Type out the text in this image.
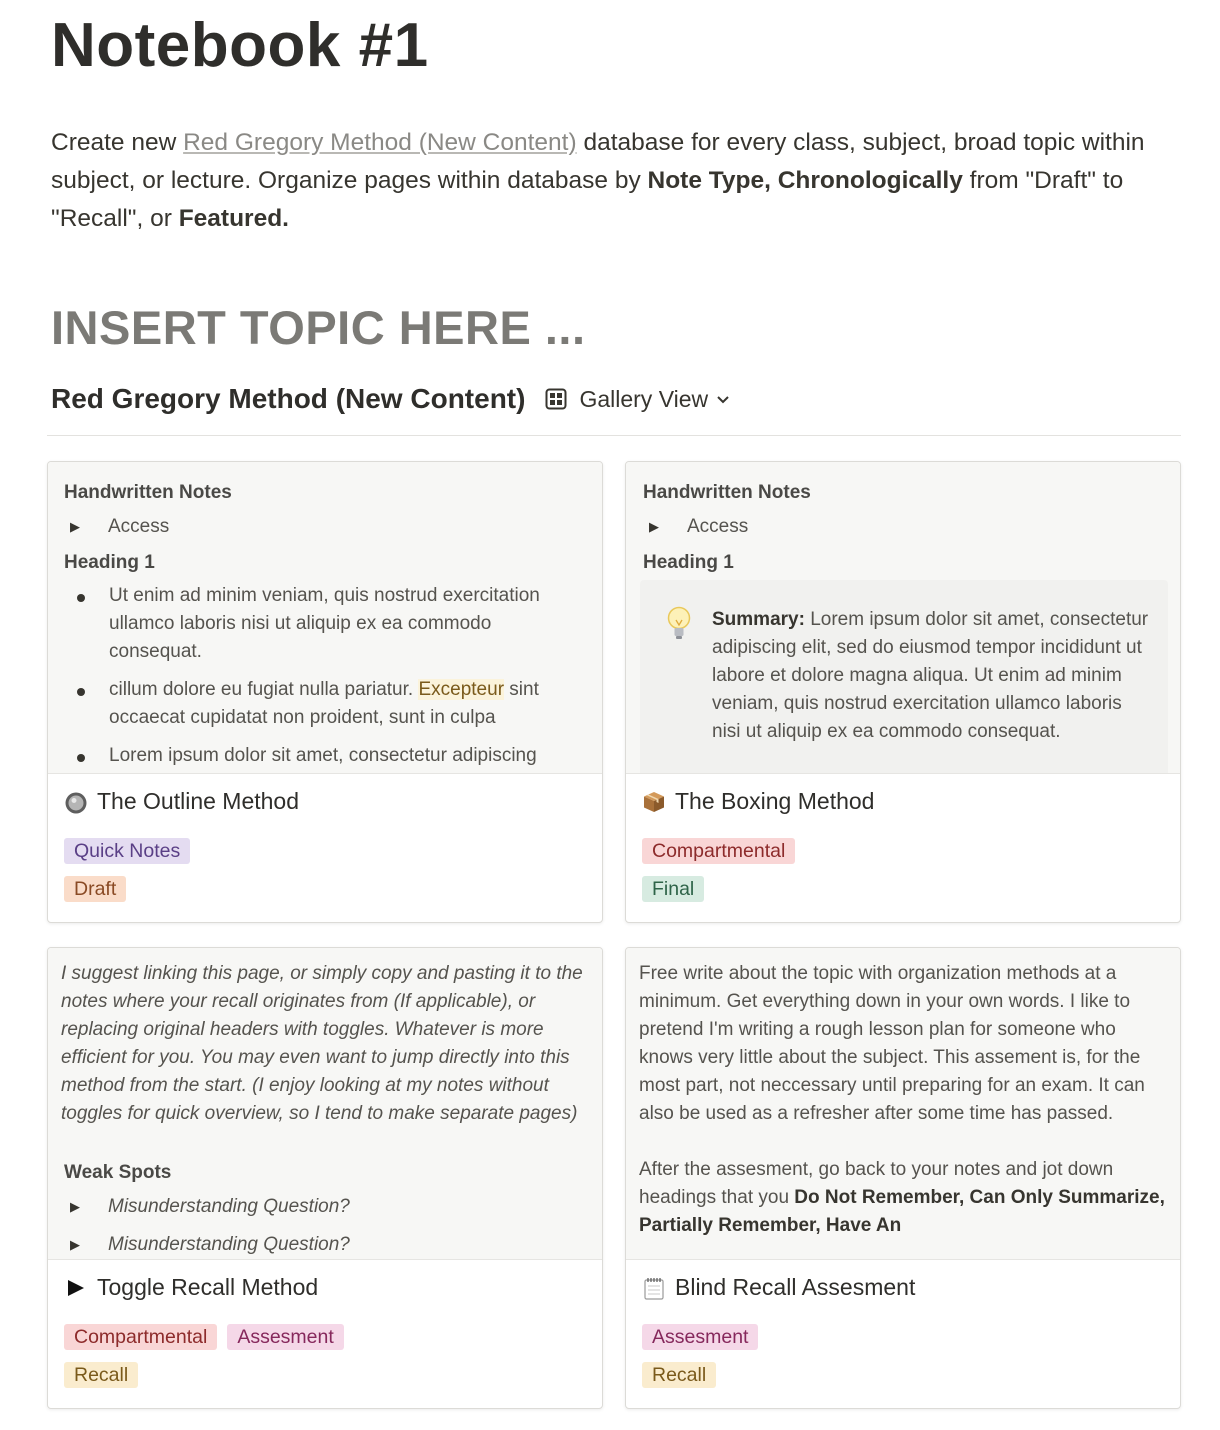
Notebook #1

Create new Red Gregory Method (New Content) database for every class, subject, broad topic within subject, or lecture. Organize pages within database by Note Type, Chronologically from "Draft" to "Recall", or Featured.

INSERT TOPIC HERE ...
Red Gregory Method (New Content) Gallery View
Handwritten Notes
▶	Access
Heading 1
Ut enim ad minim veniam, quis nostrud exercitation ullamco laboris nisi ut aliquip ex ea commodo consequat.
cillum dolore eu fugiat nulla pariatur. Excepteur sint occaecat cupidatat non proident, sunt in culpa
Lorem ipsum dolor sit amet, consectetur adipiscing
The Outline Method
Quick Notes
Draft
Handwritten Notes
▶	Access
Heading 1
Summary: Lorem ipsum dolor sit amet, consectetur adipiscing elit, sed do eiusmod tempor incididunt ut labore et dolore magna aliqua. Ut enim ad minim veniam, quis nostrud exercitation ullamco laboris nisi ut aliquip ex ea commodo consequat.
The Boxing Method
Compartmental
Final
I suggest linking this page, or simply copy and pasting it to the notes where your recall originates from (If applicable), or replacing original headers with toggles. Whatever is more efficient for you. You may even want to jump directly into this method from the start. (I enjoy looking at my notes without toggles for quick overview, so I tend to make separate pages)
Weak Spots
▶	Misunderstanding Question?
▶	Misunderstanding Question?
Toggle Recall Method
Compartmental	Assesment
Recall
Free write about the topic with organization methods at a minimum. Get everything down in your own words. I like to pretend I'm writing a rough lesson plan for someone who knows very little about the subject. This assement is, for the most part, not neccessary until preparing for an exam. It can also be used as a refresher after some time has passed.
After the assesment, go back to your notes and jot down headings that you Do Not Remember, Can Only Summarize, Partially Remember, Have An
Blind Recall Assesment
Assesment
Recall
